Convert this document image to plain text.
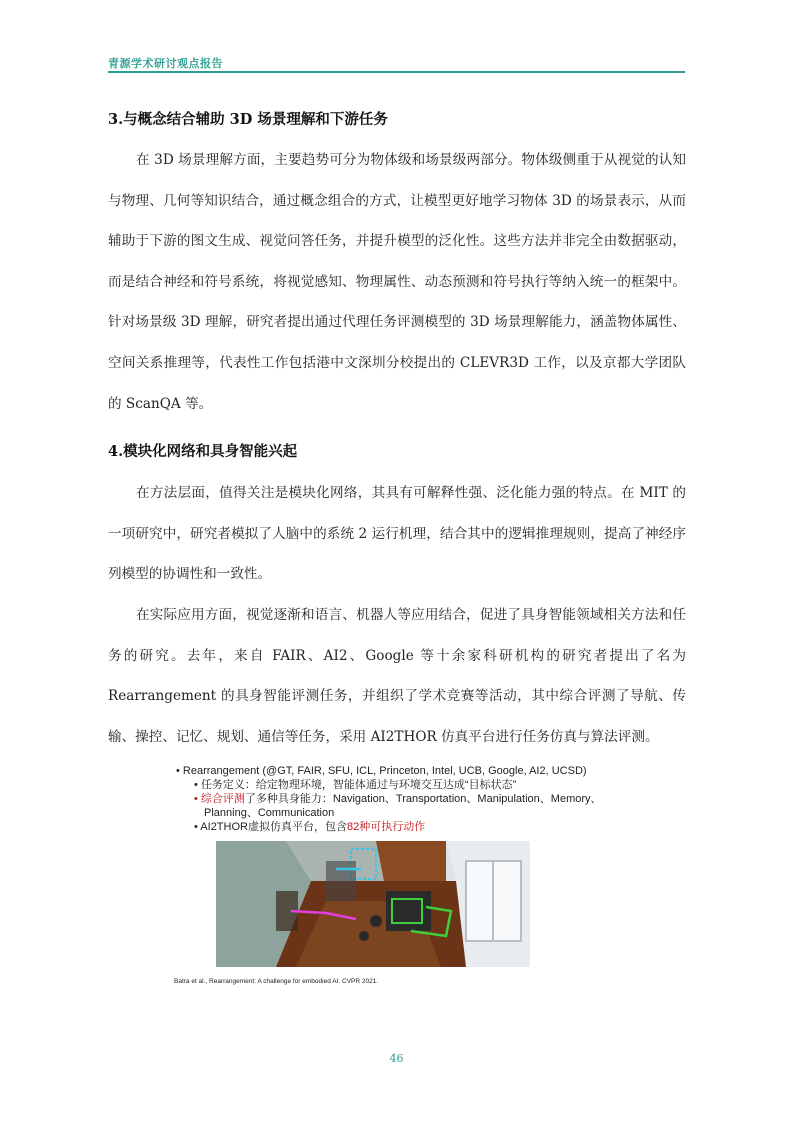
青源学术研讨观点报告
3.与概念结合辅助 3D 场景理解和下游任务
在 3D 场景理解方面，主要趋势可分为物体级和场景级两部分。物体级侧重于从视觉的认知与物理、几何等知识结合，通过概念组合的方式，让模型更好地学习物体 3D 的场景表示，从而辅助于下游的图文生成、视觉问答任务，并提升模型的泛化性。这些方法并非完全由数据驱动，而是结合神经和符号系统，将视觉感知、物理属性、动态预测和符号执行等纳入统一的框架中。针对场景级 3D 理解，研究者提出通过代理任务评测模型的 3D 场景理解能力，涵盖物体属性、空间关系推理等，代表性工作包括港中文深圳分校提出的 CLEVR3D 工作，以及京都大学团队的 ScanQA 等。
4.模块化网络和具身智能兴起
在方法层面，值得关注是模块化网络，其具有可解释性强、泛化能力强的特点。在 MIT 的一项研究中，研究者模拟了人脑中的系统 2 运行机理，结合其中的逻辑推理规则，提高了神经序列模型的协调性和一致性。
在实际应用方面，视觉逐渐和语言、机器人等应用结合，促进了具身智能领域相关方法和任务的研究。去年，来自 FAIR、AI2、Google 等十余家科研机构的研究者提出了名为 Rearrangement 的具身智能评测任务，并组织了学术竞赛等活动，其中综合评测了导航、传输、操控、记忆、规划、通信等任务，采用 AI2THOR 仿真平台进行任务仿真与算法评测。
• Rearrangement (@GT, FAIR, SFU, ICL, Princeton, Intel, UCB, Google, AI2, UCSD)
• 任务定义：给定物理环境，智能体通过与环境交互达成“目标状态”
• 综合评测了多种具身能力：Navigation、Transportation、Manipulation、Memory、
Planning、Communication
• AI2THOR虚拟仿真平台，包含82种可执行动作
Batra et al., Rearrangement: A challenge for embodied AI. CVPR 2021.
46
